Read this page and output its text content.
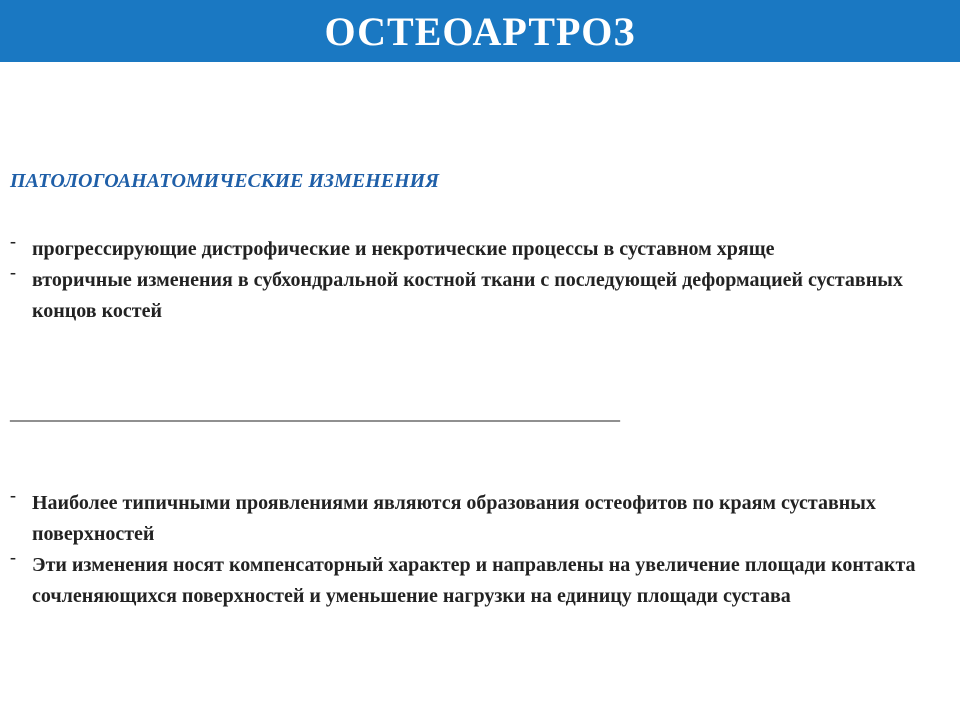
ОСТЕОАРТРОЗ
ПАТОЛОГОАНАТОМИЧЕСКИЕ ИЗМЕНЕНИЯ
- прогрессирующие дистрофические и некротические процессы в суставном хряще
- вторичные изменения в субхондральной костной ткани с последующей деформацией суставных концов костей
_____________________________________________________________
- Наиболее типичными проявлениями являются образования остеофитов по краям суставных поверхностей
- Эти изменения носят компенсаторный характер и направлены на увеличение площади контакта сочленяющихся поверхностей и уменьшение нагрузки на единицу площади сустава
